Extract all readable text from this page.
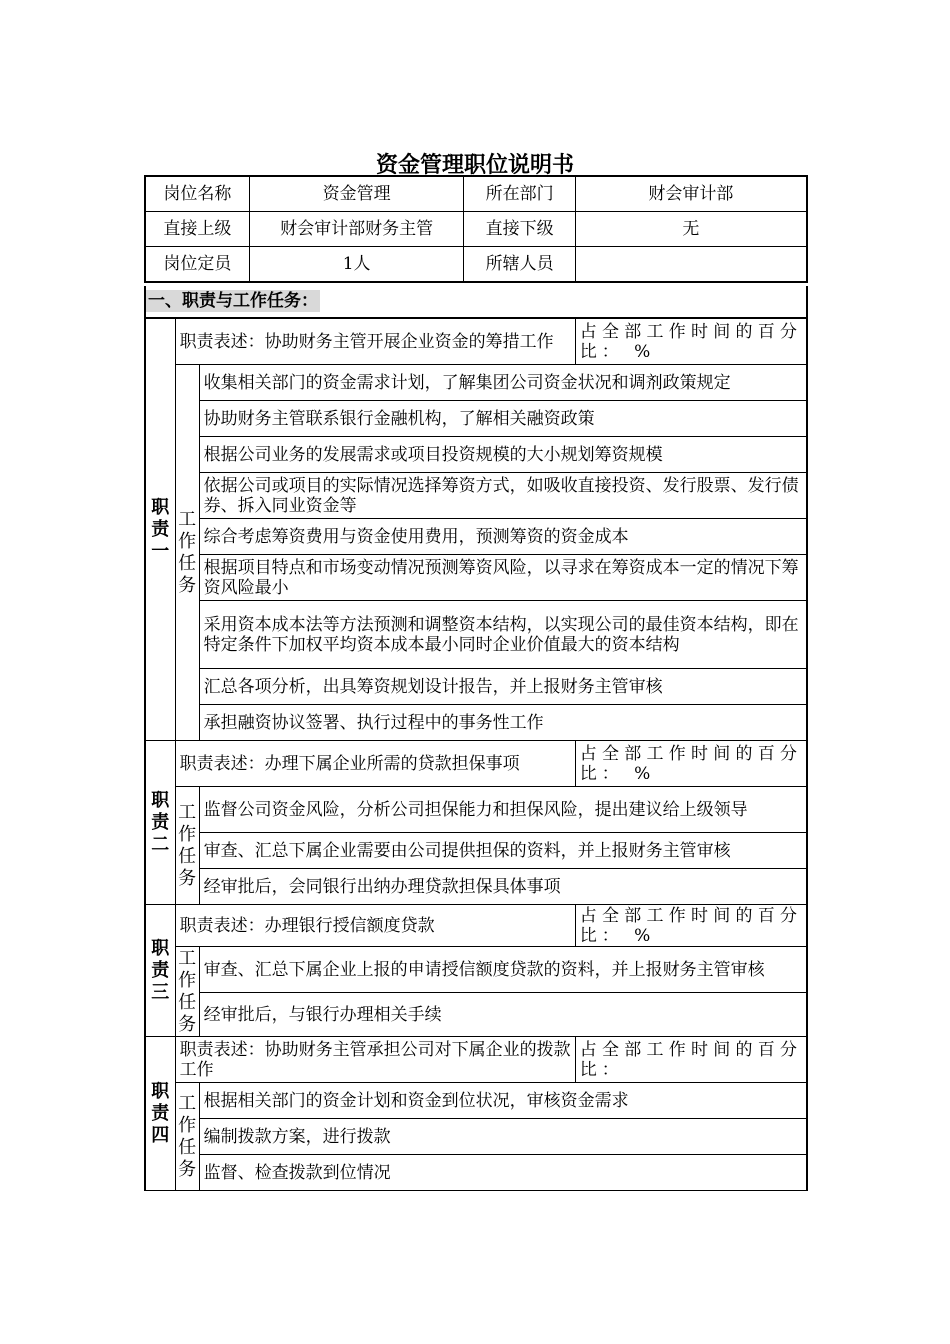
资金管理职位说明书
岗位名称	资金管理	所在部门	财会审计部
直接上级	财会审计部财务主管	直接下级	无
岗位定员	1人	所辖人员	
一、职责与工作任务：
职责一	职责表述：协助财务主管开展企业资金的筹措工作		占全部工作时间的百分比： %
	工作任务	收集相关部门的资金需求计划，了解集团公司资金状况和调剂政策规定	
		协助财务主管联系银行金融机构，了解相关融资政策	
		根据公司业务的发展需求或项目投资规模的大小规划筹资规模	
		依据公司或项目的实际情况选择筹资方式，如吸收直接投资、发行股票、发行债券、拆入同业资金等	
		综合考虑筹资费用与资金使用费用，预测筹资的资金成本	
		根据项目特点和市场变动情况预测筹资风险，以寻求在筹资成本一定的情况下筹资风险最小	
		采用资本成本法等方法预测和调整资本结构，以实现公司的最佳资本结构，即在特定条件下加权平均资本成本最小同时企业价值最大的资本结构	
		汇总各项分析，出具筹资规划设计报告，并上报财务主管审核	
		承担融资协议签署、执行过程中的事务性工作	
职责二	职责表述：办理下属企业所需的贷款担保事项		占全部工作时间的百分比： %
	工作任务	监督公司资金风险，分析公司担保能力和担保风险，提出建议给上级领导	
		审查、汇总下属企业需要由公司提供担保的资料，并上报财务主管审核	
		经审批后，会同银行出纳办理贷款担保具体事项	
职责三	职责表述：办理银行授信额度贷款		占全部工作时间的百分比： %
	工作任务	审查、汇总下属企业上报的申请授信额度贷款的资料，并上报财务主管审核	
		经审批后，与银行办理相关手续	
职责四	职责表述：协助财务主管承担公司对下属企业的拨款工作		占全部工作时间的百分比：
	工作任务	根据相关部门的资金计划和资金到位状况，审核资金需求	
		编制拨款方案，进行拨款	
		监督、检查拨款到位情况	
